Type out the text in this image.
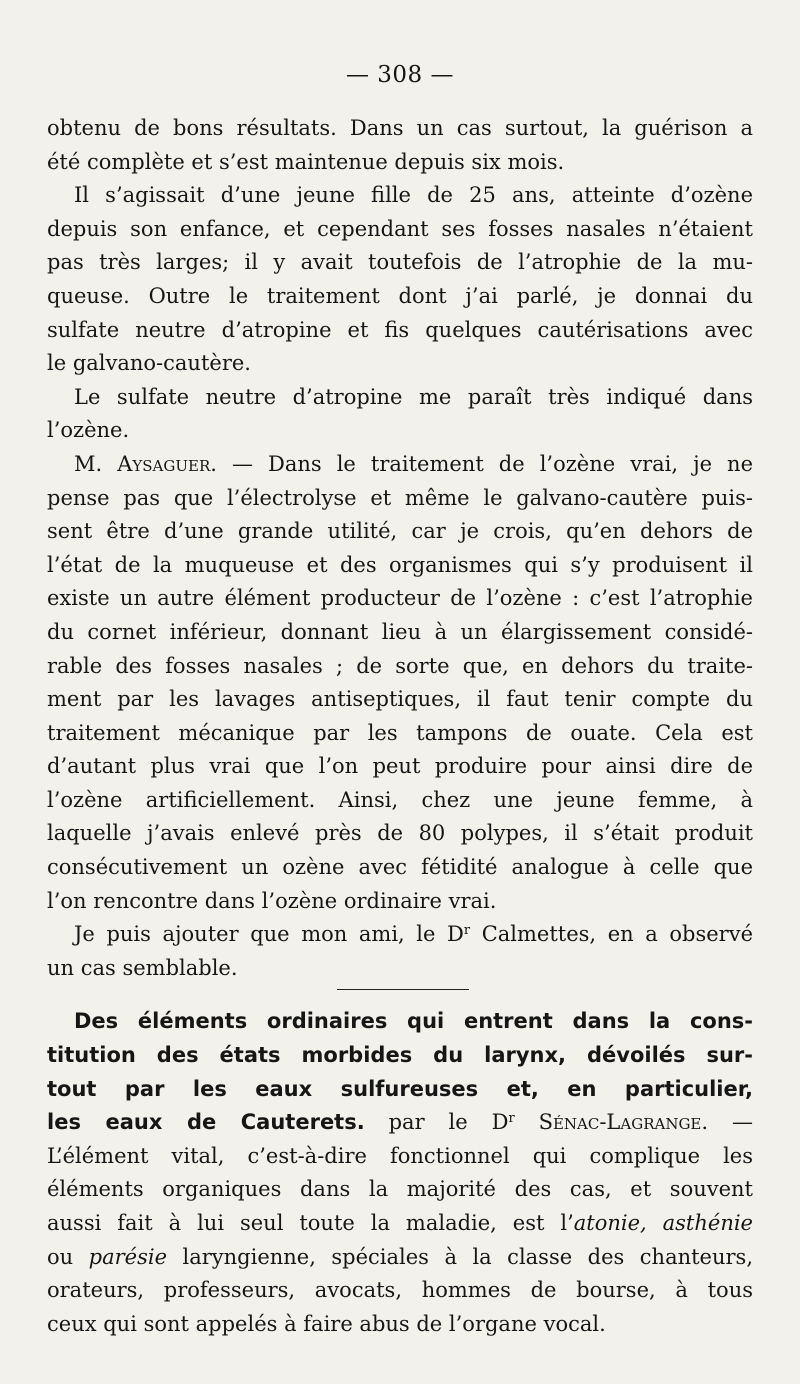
— 308 —
obtenu de bons résultats. Dans un cas surtout, la guérison a
été complète et s’est maintenue depuis six mois.
Il s’agissait d’une jeune fille de 25 ans, atteinte d’ozène
depuis son enfance, et cependant ses fosses nasales n’étaient
pas très larges; il y avait toutefois de l’atrophie de la mu-
queuse. Outre le traitement dont j’ai parlé, je donnai du
sulfate neutre d’atropine et fis quelques cautérisations avec
le galvano-cautère.
Le sulfate neutre d’atropine me paraît très indiqué dans
l’ozène.
M. Aysaguer. — Dans le traitement de l’ozène vrai, je ne
pense pas que l’électrolyse et même le galvano-cautère puis-
sent être d’une grande utilité, car je crois, qu’en dehors de
l’état de la muqueuse et des organismes qui s’y produisent il
existe un autre élément producteur de l’ozène : c’est l’atrophie
du cornet inférieur, donnant lieu à un élargissement considé-
rable des fosses nasales ; de sorte que, en dehors du traite-
ment par les lavages antiseptiques, il faut tenir compte du
traitement mécanique par les tampons de ouate. Cela est
d’autant plus vrai que l’on peut produire pour ainsi dire de
l’ozène artificiellement. Ainsi, chez une jeune femme, à
laquelle j’avais enlevé près de 80 polypes, il s’était produit
consécutivement un ozène avec fétidité analogue à celle que
l’on rencontre dans l’ozène ordinaire vrai.
Je puis ajouter que mon ami, le $D^r$ Calmettes, en a observé
un cas semblable.
Des éléments ordinaires qui entrent dans la cons-
titution des états morbides du larynx, dévoilés sur-
tout par les eaux sulfureuses et, en particulier,
les eaux de Cauterets. par le $D^r$ Sénac-Lagrange. —
L’élément vital, c’est-à-dire fonctionnel qui complique les
éléments organiques dans la majorité des cas, et souvent
aussi fait à lui seul toute la maladie, est l’atonie, asthénie
ou parésie laryngienne, spéciales à la classe des chanteurs,
orateurs, professeurs, avocats, hommes de bourse, à tous
ceux qui sont appelés à faire abus de l’organe vocal.
